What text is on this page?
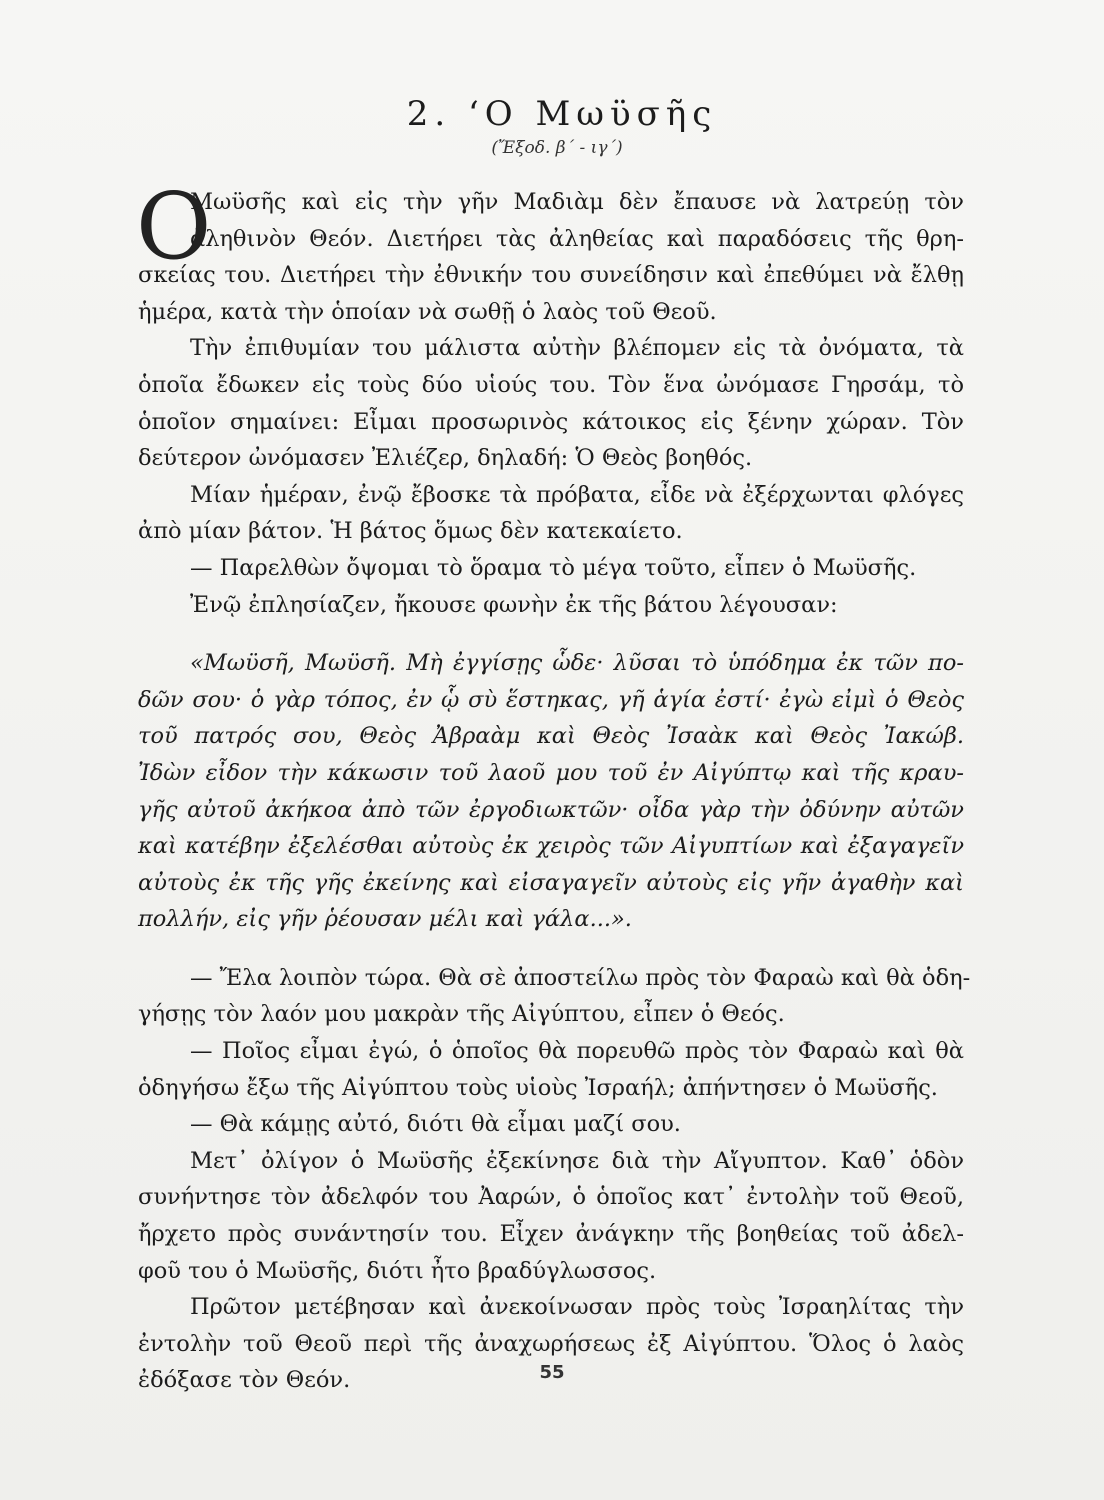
2. ‘Ο Μωϋσῆς
(Ἔξοδ. β΄ - ιγ΄)
Ο
Μωϋσῆς καὶ εἰς τὴν γῆν Μαδιὰμ δὲν ἔπαυσε νὰ λατρεύῃ τὸν
ἀληθινὸν Θεόν. Διετήρει τὰς ἀληθείας καὶ παραδόσεις τῆς θρη-
σκείας του. Διετήρει τὴν ἐθνικήν του συνείδησιν καὶ ἐπεθύμει νὰ ἔλθῃ
ἡμέρα, κατὰ τὴν ὁποίαν νὰ σωθῇ ὁ λαὸς τοῦ Θεοῦ.
Τὴν ἐπιθυμίαν του μάλιστα αὐτὴν βλέπομεν εἰς τὰ ὀνόματα, τὰ
ὁποῖα ἔδωκεν εἰς τοὺς δύο υἱούς του. Τὸν ἕνα ὠνόμασε Γηρσάμ, τὸ
ὁποῖον σημαίνει: Εἶμαι προσωρινὸς κάτοικος εἰς ξένην χώραν. Τὸν
δεύτερον ὠνόμασεν Ἐλιέζερ, δηλαδή: Ὁ Θεὸς βοηθός.
Μίαν ἡμέραν, ἐνῷ ἔβοσκε τὰ πρόβατα, εἶδε νὰ ἐξέρχωνται φλόγες
ἀπὸ μίαν βάτον. Ἡ βάτος ὅμως δὲν κατεκαίετο.
— Παρελθὼν ὄψομαι τὸ ὅραμα τὸ μέγα τοῦτο, εἶπεν ὁ Μωϋσῆς.
Ἐνῷ ἐπλησίαζεν, ἤκουσε φωνὴν ἐκ τῆς βάτου λέγουσαν:
«Μωϋσῆ, Μωϋσῆ. Μὴ ἐγγίσῃς ὧδε· λῦσαι τὸ ὑπόδημα ἐκ τῶν πο-
δῶν σου· ὁ γὰρ τόπος, ἐν ᾧ σὺ ἕστηκας, γῆ ἁγία ἐστί· ἐγὼ εἰμὶ ὁ Θεὸς
τοῦ πατρός σου, Θεὸς Ἀβραὰμ καὶ Θεὸς Ἰσαὰκ καὶ Θεὸς Ἰακώβ.
Ἰδὼν εἶδον τὴν κάκωσιν τοῦ λαοῦ μου τοῦ ἐν Αἰγύπτῳ καὶ τῆς κραυ-
γῆς αὐτοῦ ἀκήκοα ἀπὸ τῶν ἐργοδιωκτῶν· οἶδα γὰρ τὴν ὀδύνην αὐτῶν
καὶ κατέβην ἐξελέσθαι αὐτοὺς ἐκ χειρὸς τῶν Αἰγυπτίων καὶ ἐξαγαγεῖν
αὐτοὺς ἐκ τῆς γῆς ἐκείνης καὶ εἰσαγαγεῖν αὐτοὺς εἰς γῆν ἀγαθὴν καὶ
πολλήν, εἰς γῆν ῥέουσαν μέλι καὶ γάλα...».
— Ἔλα λοιπὸν τώρα. Θὰ σὲ ἀποστείλω πρὸς τὸν Φαραὼ καὶ θὰ ὁδη-
γήσῃς τὸν λαόν μου μακρὰν τῆς Αἰγύπτου, εἶπεν ὁ Θεός.
— Ποῖος εἶμαι ἐγώ, ὁ ὁποῖος θὰ πορευθῶ πρὸς τὸν Φαραὼ καὶ θὰ
ὁδηγήσω ἔξω τῆς Αἰγύπτου τοὺς υἱοὺς Ἰσραήλ; ἀπήντησεν ὁ Μωϋσῆς.
— Θὰ κάμῃς αὐτό, διότι θὰ εἶμαι μαζί σου.
Μετ᾽ ὀλίγον ὁ Μωϋσῆς ἐξεκίνησε διὰ τὴν Αἴγυπτον. Καθ᾽ ὁδὸν
συνήντησε τὸν ἀδελφόν του Ἀαρών, ὁ ὁποῖος κατ᾽ ἐντολὴν τοῦ Θεοῦ,
ἤρχετο πρὸς συνάντησίν του. Εἶχεν ἀνάγκην τῆς βοηθείας τοῦ ἀδελ-
φοῦ του ὁ Μωϋσῆς, διότι ἦτο βραδύγλωσσος.
Πρῶτον μετέβησαν καὶ ἀνεκοίνωσαν πρὸς τοὺς Ἰσραηλίτας τὴν
ἐντολὴν τοῦ Θεοῦ περὶ τῆς ἀναχωρήσεως ἐξ Αἰγύπτου. Ὅλος ὁ λαὸς
ἐδόξασε τὸν Θεόν.	55
